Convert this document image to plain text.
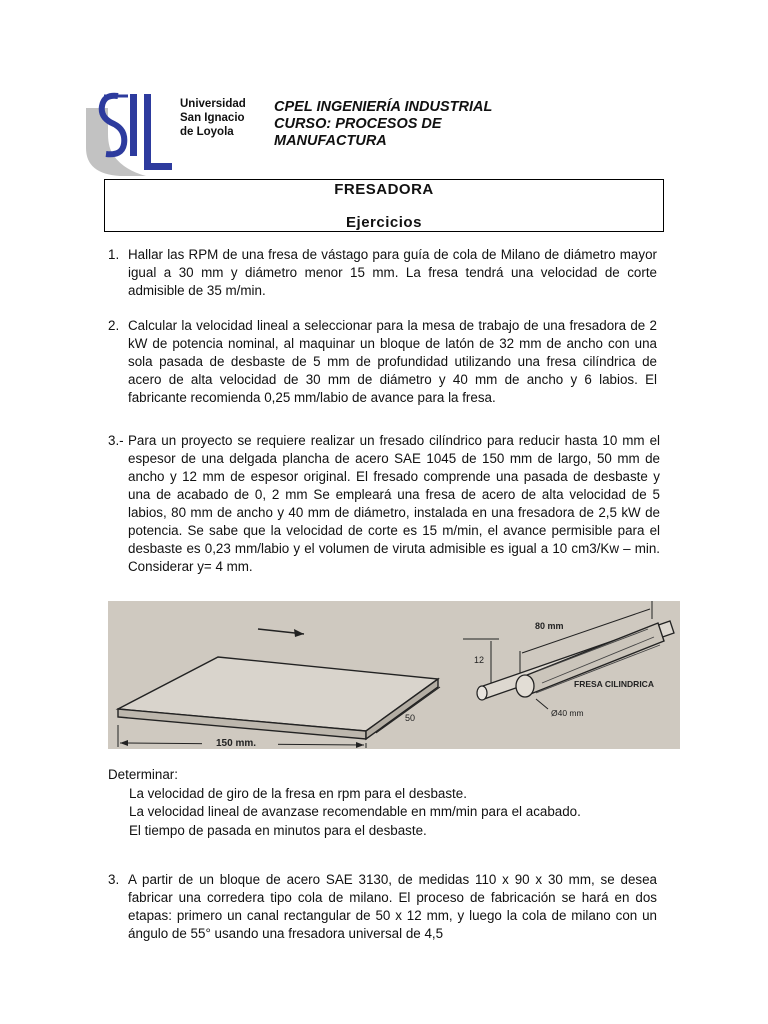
Universidad
San Ignacio
de Loyola
CPEL INGENIERÍA INDUSTRIAL
CURSO: PROCESOS DE
MANUFACTURA
FRESADORA
Ejercicios
1. Hallar las RPM de una fresa de vástago para guía de cola de Milano de diámetro mayor igual a 30 mm y diámetro menor 15 mm. La fresa tendrá una velocidad de corte admisible de 35 m/min.
2. Calcular la velocidad lineal a seleccionar para la mesa de trabajo de una fresadora de 2 kW de potencia nominal, al maquinar un bloque de latón de 32 mm de ancho con una sola pasada de desbaste de 5 mm de profundidad utilizando una fresa cilíndrica de acero de alta velocidad de 30 mm de diámetro y 40 mm de ancho y 6 labios. El fabricante recomienda 0,25 mm/labio de avance para la fresa.
3.- Para un proyecto se requiere realizar un fresado cilíndrico para reducir hasta 10 mm el espesor de una delgada plancha de acero SAE 1045 de 150 mm de largo, 50 mm de ancho y 12 mm de espesor original. El fresado comprende una pasada de desbaste y una de acabado de 0, 2 mm Se empleará una fresa de acero de alta velocidad de 5 labios, 80 mm de ancho y 40 mm de diámetro, instalada en una fresadora de 2,5 kW de potencia. Se sabe que la velocidad de corte es 15 m/min, el avance permisible para el desbaste es 0,23 mm/labio y el volumen de viruta admisible es igual a 10 cm3/Kw – min. Considerar y= 4 mm.
150 mm.
50
12
80 mm
FRESA CILINDRICA
Ø40 mm
Determinar:
La velocidad de giro de la fresa en rpm para el desbaste.
La velocidad lineal de avanzase recomendable en mm/min para el acabado.
El tiempo de pasada en minutos para el desbaste.
3. A partir de un bloque de acero SAE 3130, de medidas 110 x 90 x 30 mm, se desea fabricar una corredera tipo cola de milano. El proceso de fabricación se hará en dos etapas: primero un canal rectangular de 50 x 12 mm, y luego la cola de milano con un ángulo de 55° usando una fresadora universal de 4,5
